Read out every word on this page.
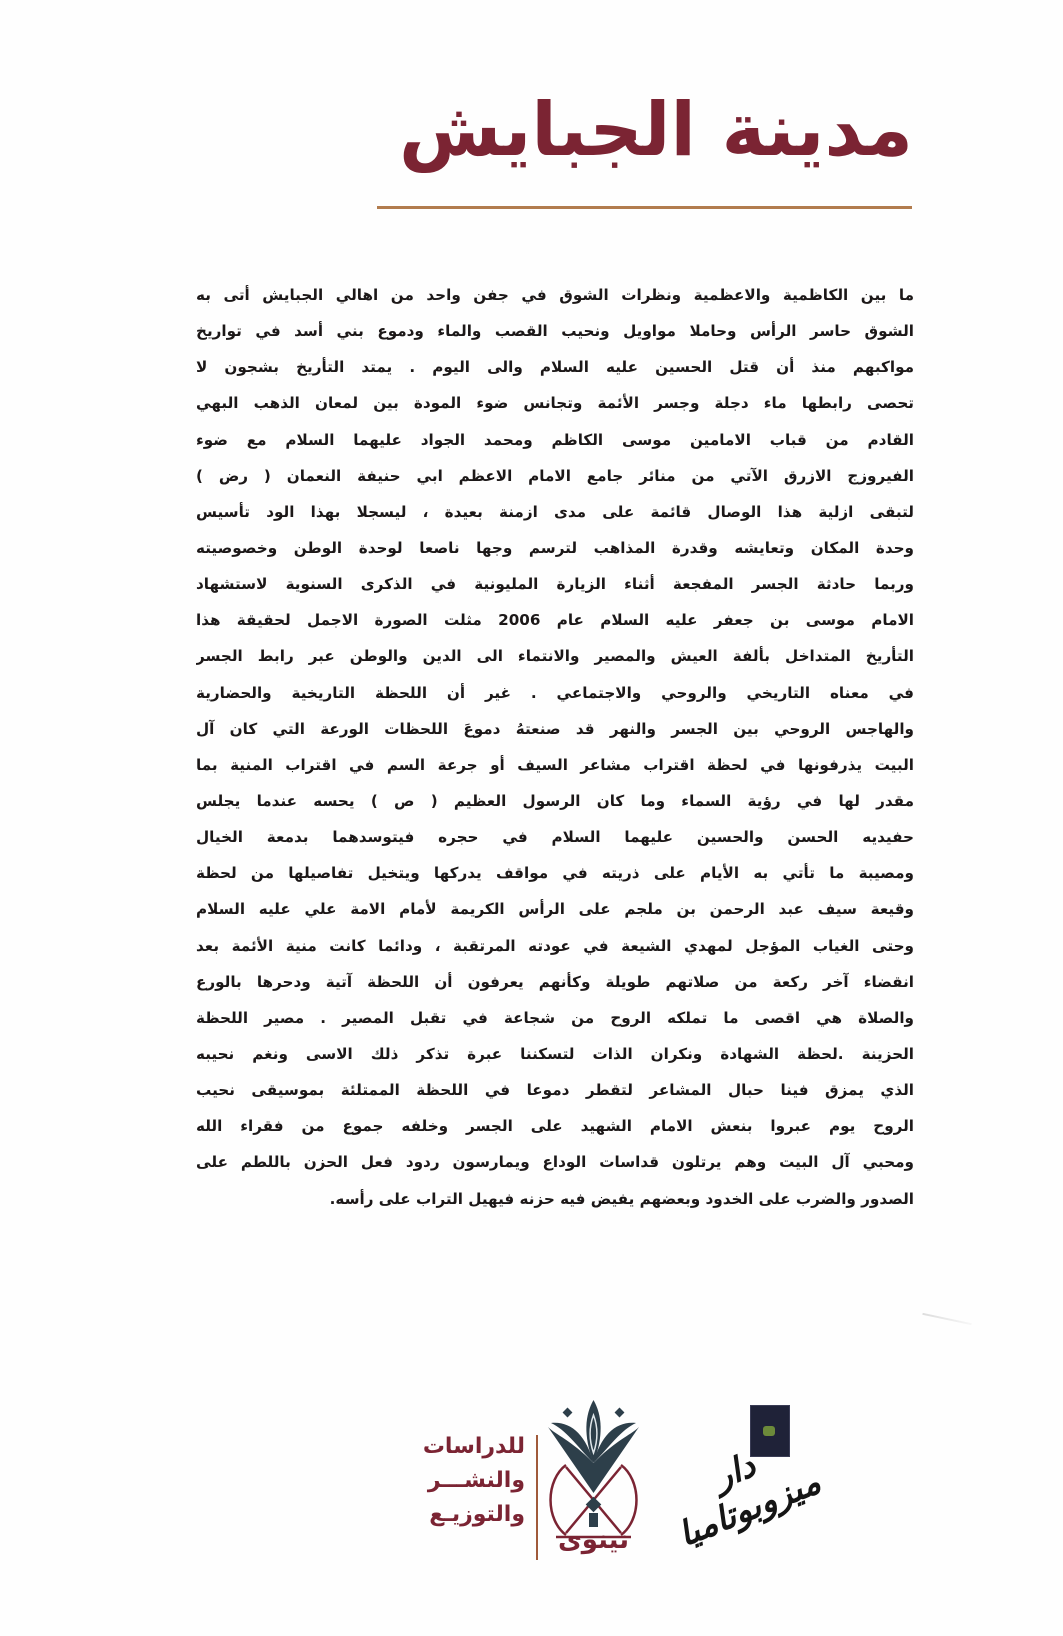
مدينة الجبايش
ما بين الكاظمية والاعظمية ونظرات الشوق في جفن واحد من اهالي الجبايش أتى به
الشوق حاسر الرأس وحاملا مواويل ونحيب القصب والماء ودموع بني أسد في تواريخ
مواكبهم منذ أن قتل الحسين عليه السلام والى اليوم . يمتد التأريخ بشجون لا
تحصى رابطها ماء دجلة وجسر الأئمة وتجانس ضوء المودة بين لمعان الذهب البهي
القادم من قباب الامامين موسى الكاظم ومحمد الجواد عليهما السلام مع ضوء
الفيروزج الازرق الآتي من منائر جامع الامام الاعظم ابي حنيفة النعمان ( رض )
لتبقى ازلية هذا الوصال قائمة على مدى ازمنة بعيدة ، ليسجلا بهذا الود تأسيس
وحدة المكان وتعايشه وقدرة المذاهب لترسم وجها ناصعا لوحدة الوطن وخصوصيته
وربما حادثة الجسر المفجعة أثناء الزيارة المليونية في الذكرى السنوية لاستشهاد
الامام موسى بن جعفر عليه السلام عام 2006 مثلت الصورة الاجمل لحقيقة هذا
التأريخ المتداخل بألفة العيش والمصير والانتماء الى الدين والوطن عبر رابط الجسر
في معناه التاريخي والروحي والاجتماعي . غير أن اللحظة التاريخية والحضارية
والهاجس الروحي بين الجسر والنهر قد صنعتهُ دموعَ اللحظات الورعة التي كان آل
البيت يذرفونها في لحظة اقتراب مشاعر السيف أو جرعة السم في اقتراب المنية بما
مقدر لها في رؤية السماء وما كان الرسول العظيم ( ص ) يحسه عندما يجلس
حفيديه الحسن والحسين عليهما السلام في حجره فيتوسدهما بدمعة الخيال
ومصيبة ما تأتي به الأيام على ذريته في مواقف يدركها ويتخيل تفاصيلها من لحظة
وقيعة سيف عبد الرحمن بن ملجم على الرأس الكريمة لأمام الامة علي عليه السلام
وحتى الغياب المؤجل لمهدي الشيعة في عودته المرتقبة ، ودائما كانت منية الأئمة بعد
انقضاء آخر ركعة من صلاتهم طويلة وكأنهم يعرفون أن اللحظة آتية ودحرها بالورع
والصلاة هي اقصى ما تملكه الروح من شجاعة في تقبل المصير . مصير اللحظة
الحزينة .لحظة الشهادة ونكران الذات لتسكننا عبرة تذكر ذلك الاسى ونغم نحيبه
الذي يمزق فينا حبال المشاعر لتقطر دموعا في اللحظة الممتلئة بموسيقى نحيب
الروح يوم عبروا بنعش الامام الشهيد على الجسر وخلفه جموع من فقراء الله
ومحبي آل البيت وهم يرتلون قداسات الوداع ويمارسون ردود فعل الحزن باللطم على
الصدور والضرب على الخدود وبعضهم يفيض فيه حزنه فيهيل التراب على رأسه.
للدراسات
والنشـــر
والتوزيـع
نينوى
دار ميزوبوتاميا
